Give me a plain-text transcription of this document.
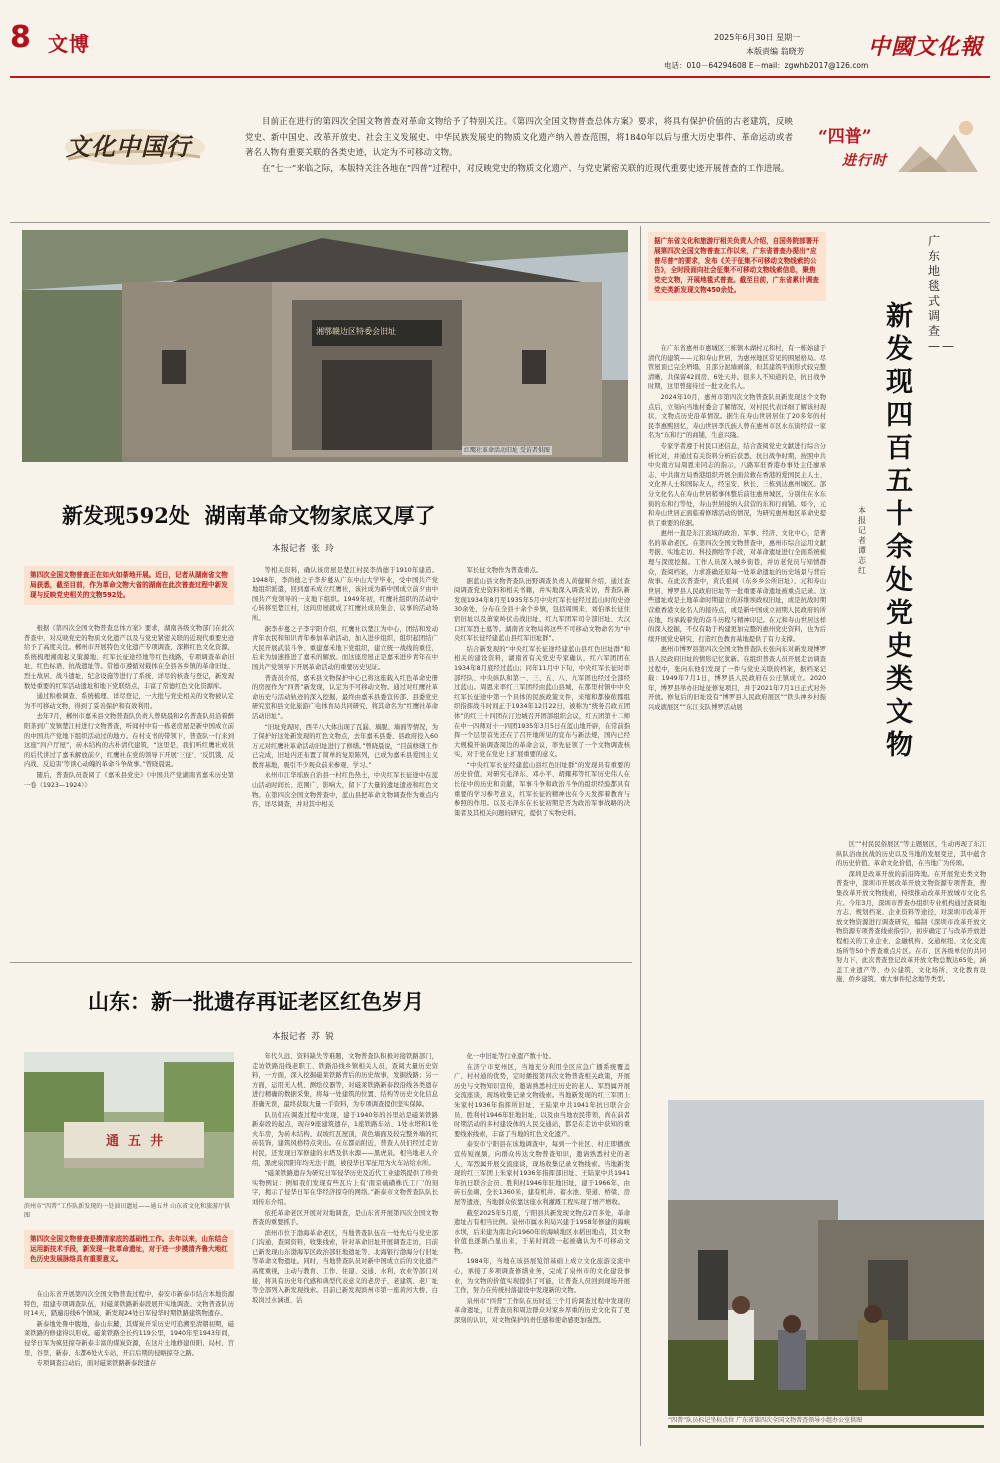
8 文博	2025年6月30日 星期一
本版责编 翁晓芳
电话：010－64294608 E－mail：zgwhb2017@126.com
中國文化報
文化中国行

目前正在进行的第四次全国文物普查对革命文物给予了特别关注。《第四次全国文物普查总体方案》要求，将具有保护价值的古老建筑，反映党史、新中国史、改革开放史、社会主义发展史、中华民族发展史的物质文化遗产纳入普查范围，将1840年以后与重大历史事件、革命运动或者著名人物有重要关联的各类史迹，认定为不可移动文物。

在“七一”来临之际，本版特关注各地在“四普”过程中，对反映党史的物质文化遗产、与党史紧密关联的近现代重要史迹开展普查的工作进展。

“四普”
进行时
湘鄂赣边区特委会旧址
红鹰社革命活动旧址 受访者供图
新发现592处  湖南革命文物家底又厚了
本报记者  张  玲
第四次全国文物普查正在如火如荼地开展。近日，记者从湖南省文物局获悉，截至目前，作为革命文物大省的湖南在此次普查过程中新发现与反映党史相关的文物592处。

根据《第四次全国文物普查总体方案》要求，湖南各级文物部门在此次普查中，对反映党史的物质文化遗产以及与党史紧密关联的近现代重要史迹给予了高度关注。郴州市开展特色文化遗产专项调查，深耕红色文化资源，系统梳理湘南起义策源地、红军长征途经地等红色线路，专项调查革命旧址、红色标语、抗战遗址等。常德市遵循对载体在全县各乡镇的革命旧址、烈士故居、战斗遗址、纪念设施等进行了系统、详尽的核查与登记，新发现数处重要的红军活动遗址和地下党联络点，丰富了常德红色文化资源库。

通过积极调查、系统梳理、详尽登记，一大批与党史相关的文物被认定为不可移动文物，得到了妥善保护和有效利用。

去年7月，郴州市嘉禾县文物普查队负责人曾晓晨和2名普查队员沿着醉阳茶到广发镇楚江村进行文物普查，听闻村中有一栋老房屋是新中国成立前的中国共产党地下组织活动过的地方。在村支书的带领下，普查队一行来到这座“四户厅屋”，砖木结构的古朴清代建筑，“这里是，我们听红鹰社成员的后代讲过了嘉禾解放前夕，红鹰社在党的领导下开展‘三征’、‘反饥饿、反内战、反迫害’等读心动魄的革命斗争故事。”曾晓晨说。

随后，普查队员查阅了《嘉禾县党史》《中国共产党湖南省嘉禾历史第一卷（1923—1924）》

等相关资料，确认该房屋是楚江村民李尚德于1910年建造。1948年，李尚德之子李步蔓从广东中山大学毕业，受中国共产党地组织派遣，回到嘉禾成立红鹰社，该社成为新中国成立前夕由中国共产党领导的一支地下组织。1949年初，红鹰社组织的活动中心转移至楚江村，这间房屋就成了红鹰社成员集会、议事的活动场所。

据李步蔓之子李宇阳介绍，红鹰社以楚江为中心，团结和发动青年农民和知识青年参加革命活动，加入进步组织，组织起团结广大民开展武装斗争、重建嘉禾地下党组织，建立统一战线的重任，后来为加速推进了嘉禾的解放。而这座房屋正是嘉禾进步青年在中国共产党领导下开展革命活动的重要历史见证。

普查员介绍，嘉禾县文物保护中心已将这座载入红色革命史册的房屋作为“四普”新发现，认定为不可移动文物。通过对红鹰社革命历史与活动轨迹的深入挖掘，最终由嘉禾县委宣传部、县委党史研究室和县文化旅游广电体育局共同研究，将其命名为“红鹰社革命活动旧址”。

“旧址党现时，西半八大体出现了瓦漏、墙脱、墙面等情况，为了保护好这处新发现的红色文物点，去年嘉禾县委、县政府投入60万元对红鹰社革命活动旧址进行了修缮。”曾晓晨说，“目前修缮工作已完成，旧址内还布置了简单的复原陈列，已成为嘉禾县爱国主义教育基地，吸引不少观众前来参观、学习。”

永州市江华瑶族自治县一村红色热土，中央红军长征途中在蓝山活动时间长、范围广、影响大，留下了大量的遗址遗迹和红色文物。在第四次全国文物普查中，蓝山县把革命文物调查作为重点内容，详尽调查，并对其中相关

军长征文物作为普查重点。

据蓝山县文物普查队田野调查负责人黄健辉介绍，通过查阅调查党史资料和相关书籍，并实地深入调查采访，普查队新发现1934年8月至1935年5月中央红军长征经过蓝山时的史迹30余处，分布在全县十余个乡镇，包括周围来、刘伯承长征住宿旧址以及萧家岭伏击战旧址、红九军团军司令部旧址、大汉口红军烈士墓等。湖南省文物局将这些不可移动文物命名为“中央红军长征经建蓝山县红军旧址群”。

结合新发现的“中央红军长征途经建蓝山县红色旧址群”和相关的建设资料，湖南省有关党史专家确认，红六军团团在1934年8月底经过蓝山；同年11月中下旬，中央红军长征时率部经队、中央纵队和第一、三、五、八、九军团也经过全部经过蓝山。周恩来率红三军团经由蓝山县城，在那里村镇中中央红军长征途中第一个具体的民族政策文件，来缩和都傣侬郡组织指挥战斗时间正于1934年12月22日，被称为“统务召政五团体”的红三十四团在汀边城召开团部组织会议，红五团第十二师在中一四师对十一四团1935年3月5日在蓝山地开辟，在常前指挥一个层里首先还在了召开地所见的宣布与新法规，国内已经大规模开始调查周边的革命会议，率先征领了一个文物调查核实，对于党在党史上扩展重要的意义。

“中央红军长征经建蓝山县红色旧址群”的发现具有重要的历史价值，对研究毛泽东、邓小平、胡耀邦等红军历史伟人在长征中的历史和贡献，军事斗争和政治斗争的组织经验都具有重要的学习参考意义，红军长征的精神也在今天发挥着教育与参照的作用。以及毛泽东在长征初期是否为政治军事战略的决策者及其相关问题的研究，提供了实物史料。

据广东省文化和旅游厅相关负责人介绍，自国务院部署开展第四次全国文物普查工作以来，广东省普查办提出“应普尽普”的要求，发布《关于征集不可移动文物线索的公告》，全时段面向社会征集不可移动文物线索信息，聚焦党史文物，开展地毯式普查。截至目前，广东省累计调查党史类新发现文物450余处。

在广东省惠州市惠城区三栋镇木湖村元和村，有一栋始建于清代的建筑——元和寿山世居，为惠州地区常见的围屋格局。尽管屋顶已完全坍塌，且部分泥墙剥落，但其建筑平面形式较完整清晰，共保留42间房、6处天井。很多人不知道的是，抗日战争时期，这里曾接待过一批文化名人。

2024年10月，惠州市第四次文物普查队员新发现这个文物点后，立刻向当地村委会了解情况，对村民代表详细了解该村现状、文物点历史沿革情况。据生在寿山世居居住了20多年的村民李惠熙回忆，寿山世居李氏族人曾在惠州市区水东街经营一家名为“东和行”的商铺，生意兴隆。

专家学者遵于村民口述信息，结合查阅党史文献进行综合分析比对，并通过有关资料分析后获悉，抗日战争时期，按照中共中央南方局周恩来同志的指示，八路军驻香港办事处主任廖承志、中共南方局香港组织开展全面营救在香港的爱国民主人士、文化界人士和国际友人，经宝安、秋长、三栋到达惠州城区。部分文化名人在寿山世居稍事休整后前往惠州城区，分别住在水东街的东和行等处，寿山世居接纳入营营的东和行商铺。如今，元和寿山世居正面临着修缮活动的情况，为研究惠州地区革命史提供了重要的依据。

惠州一直是东江流域的政治、军事、经济、文化中心，是著名的革命老区。在第四次全国文物普查中，惠州市综合运用文献考据、实地走访、科技测绘等手段，对革命遗址进行全面系统梳理与深度挖掘。工作人员深入城乡街巷，并访老党员与知情群众，查阅档案，力求准确还原每一处革命遗址的历史场景与背后故事。在此次普查中，黄氏祖祠（东乡乡公所旧址）、元和寿山世居、博罗县人民政府旧址等一批重要革命遗址被重点记录。这些遗址或是土地革命时期建立的苏维埃政权旧址，或是抗战时期营救香港文化名人的接待点，或是新中国成立初期人民政府的所在地，均承载着党的奋斗历程与精神印记。在元和寿山世居这样的深入挖掘，不仅有助于构建更加完整的惠州党史资料，也为后续开展党史研究、打造红色教育基地提供了有力支撑。

惠州市博罗县第四次全国文物普查队长张向东对新发现博罗县人民政府旧址的情形记忆犹新。在组织普查人员开展走访调查过程中，张向东他们发现了一件与党史关联的档案，据档案记载：1949年7月1日，博罗县人民政府在公庄镇成立。2020年，博罗县举办旧址征修复项目，并于2021年7月1日正式对外开放。修复后的旧址设有“博罗县人民政府展区”“铁头神乡村振兴成就展区”“东江支队博罗活动展

广东地毯式调查——
新发现四百五十余处党史类文物
本报记者  谭志红

区”“村民民俗展区”等主题展区，生动再现了东江纵队浴血抗战的历史以及当地的发展变迁，其中蕴含的历史价值、革命文化价值，在当地广为传颂。

深圳是改革开放的前沿阵地。在开展党史类文物普查中，深圳市开展改革开放文物资源专项普查，搜集改革开放文物线索，持续推动改革开放城市文化名片。今年3月，深圳市普查办组织专业机构通过查阅地方志、规划档案、企业资料等途径，对深圳市改革开放文物资源进行调查研究，编制《深圳市改革开放文物资源专项普查线索指引》，初步确定了与改革开放进程相关的工业企业、金融机构、交通枢纽、文化交流场所等50个普查重点片区。在市、区各级单位的共同努力下，此次普查登记改革开放文物总数达65处，涵盖工业遗产等、办公建筑、文化场所、文化教育设施、侨乡建筑、重大事件纪念地等类型。

“四普”队员标记坐标点位 广东省第四次全国文物普查领导小组办公室供图
山东：新一批遗存再证老区红色岁月
本报记者  苏  锐
通  五  井
滨州市“四普”工作队新发现的一处油田遗址——通五井 山东省文化和旅游厅供图
第四次全国文物普查是摸清家底的基础性工作。去年以来，山东结合运用新技术手段，新发现一批革命遗址，对于进一步摸清齐鲁大地红色历史发展脉络具有重要意义。

在山东省开展第四次全国文物普查过程中，泰安市新泰市结合本地资源特色，组建专项调查队伍，对磁莱铁路新泰段展开实地调查。文物普查队历时14天，踏遍沿线6个镇域，新发现24处日军侵华时期铁路建筑物遗存。

新泰地处鲁中腹地，泰山东麓，其煤炭开采历史可追溯至清朝初期，磁莱铁路的修建得以形成。磁莱铁路全长约119公里，1940年至1943年间，侵华日军为疯狂掠夺新泰丰富的煤炭资源，在这片土地修建但阳、局村、宫里、谷里、新泰、东都6处火车站，开启后期的侵略掠夺之路。

专项调查启动后，面对磁莱铁路新泰段遗存

年代久远、资料缺失等难题，文物普查队积极对接铁路部门，走访铁路沿线老职工、铁路沿线乡镇相关人员，查阅大量历史资料，一方面，深入挖掘磁莱铁路背后的历史故事，发掘线路；另一方面，运用无人机、测绘仪器等，对磁莱铁路新泰段沿线各类遗存进行精确的数据采集，将每一处建筑的位置、结构等历史文化信息准确无误，最终获取大量一手资料，为专项调查提供坚实保障。

队员们在调查过程中发现，建于1940年的谷里站是磁莱铁路新泰段的起点，现存9座建筑遗存，1座铁路车站、1处水塔和1处火车房，为砖木结构、双坡红瓦屋顶，黄色墙面及较完整外墙的红砖装饰，建筑风格特点突出。在东都站附近，普查人员们经过走访村民，还发现日军修建的水塔及供水源——黑虎泉。相当地老人介绍，黑虎泉因阳年均无法干涸，被侵华日军征用为火车站给水所。

“磁莱铁路遗存为研究日军侵华历史及近代工业建筑提供了珍贵实物例证：例如我们发现有些瓦片上有‘南京硫磺株氏工厂’的刻字，揭示了侵华日军在华经济掠夺的网络。”新泰市文物普查队队长刘传东介绍。

依托革命老区开展对对地调查，是山东省开展第四次全国文物普查的重要抓手。

滨州市位于渤海革命老区，当地普查队伍在一处先后与党史部门沟通，查阅资料，收集线索，针对革命旧址开展调查走访，目前已新发现山东渤海军区政治部驻地遗址等、北海银行渤海分行旧址等革命文物遗址。同时，当地普查队员对新中国成立后的文化遗产高度重视，主动与教育、工作、住建、交通、水利、农业等部门对接，将具有历史年代感和典型代表意义的老房子、老建筑、老厂址等全部列入新发现线索。目前已新发现滨州市第一座黄河大桥、白坂岗过水涵道、沾

化一中旧址等行业遗产数十处。

在济宁市兖州区，当地充分利用全区应急广播系统覆盖广、村村通的优势，定时播报第四次文物普查相关政策，开展历史与文物知识宣传，邀请熟悉村庄历史的老人、军烈属开展交流座谈，现场收集记录文物线索。当地新发现的红三军团上朱家村1936年指挥所旧址、王陆家中共1941年抗日联合会员、胜利村1946年驻地旧址、以及由当地农民带领，尚在前者时期活动的多村建设体的人民交通站，都是在走访中获知的重要线索线索，丰富了当地的红色文化遗产。

泰安市宁阳县在该地调查中，每到一个社区、村庄即播放宣传短视频，向群众传达文物普查知识，邀请熟悉村史的老人、军烈属开展交流座谈，现场收集记录文物线索。当地新发现的红三军团上朱家村1936年指挥部旧址、王陆家中共1941年抗日联合会员、胜利村1946年驻地旧址，建于1966年，由砖石垒砌，全长1360米，建有机井、蓄水池、渠道、桥梁、房屋等遗迹，当地群众依靠这座水利灌溉工程实现了增产增收。

截至2025年5月底，宁阳县共新发现文物点2百多处，革命遗址占有相当比例。泉州市属水利局兴建于1958年修建的海峡水坝，后来建为南北向1960年的海峡地区水稻田地点，其文物价值也逐渐凸显出来，于某时间段一起被确认为不可移动文物。

1984年，当地在该县展览馆基础上成立文化旅游交流中心，承接了多项调查修缮业务，完成了泉州市的文化建设事业，为文物的价值实现提供了可能，让普查人员回到现场开展工作，努力在传统村落建设中发现新的文物。

泉州市“四普”工作队在历时近三个月的调查过程中发现的革命遗址，让普查员和周边群众对家乡厚重的历史文化有了更深刻的认识，对文物保护的责任感和使命感更加强烈。
